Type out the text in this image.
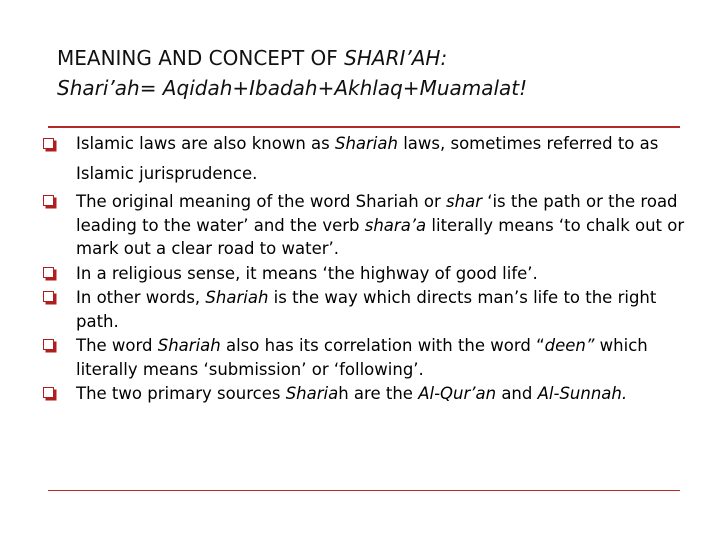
MEANING AND CONCEPT OF SHARI’AH:
Shari’ah= Aqidah+Ibadah+Akhlaq+Muamalat!
Islamic laws are also known as Shariah laws, sometimes referred to as Islamic jurisprudence.
The original meaning of the word Shariah or shar ‘is the path or the road leading to the water’ and the verb shara’a literally means ‘to chalk out or mark out a clear road to water’.
In a religious sense, it means ‘the highway of good life’.
In other words, Shariah is the way which directs man’s life to the right path.
The word Shariah also has its correlation with the word “deen” which literally means ‘submission’ or ‘following’.
The two primary sources Shariah are the Al-Qur’an and Al-Sunnah.
